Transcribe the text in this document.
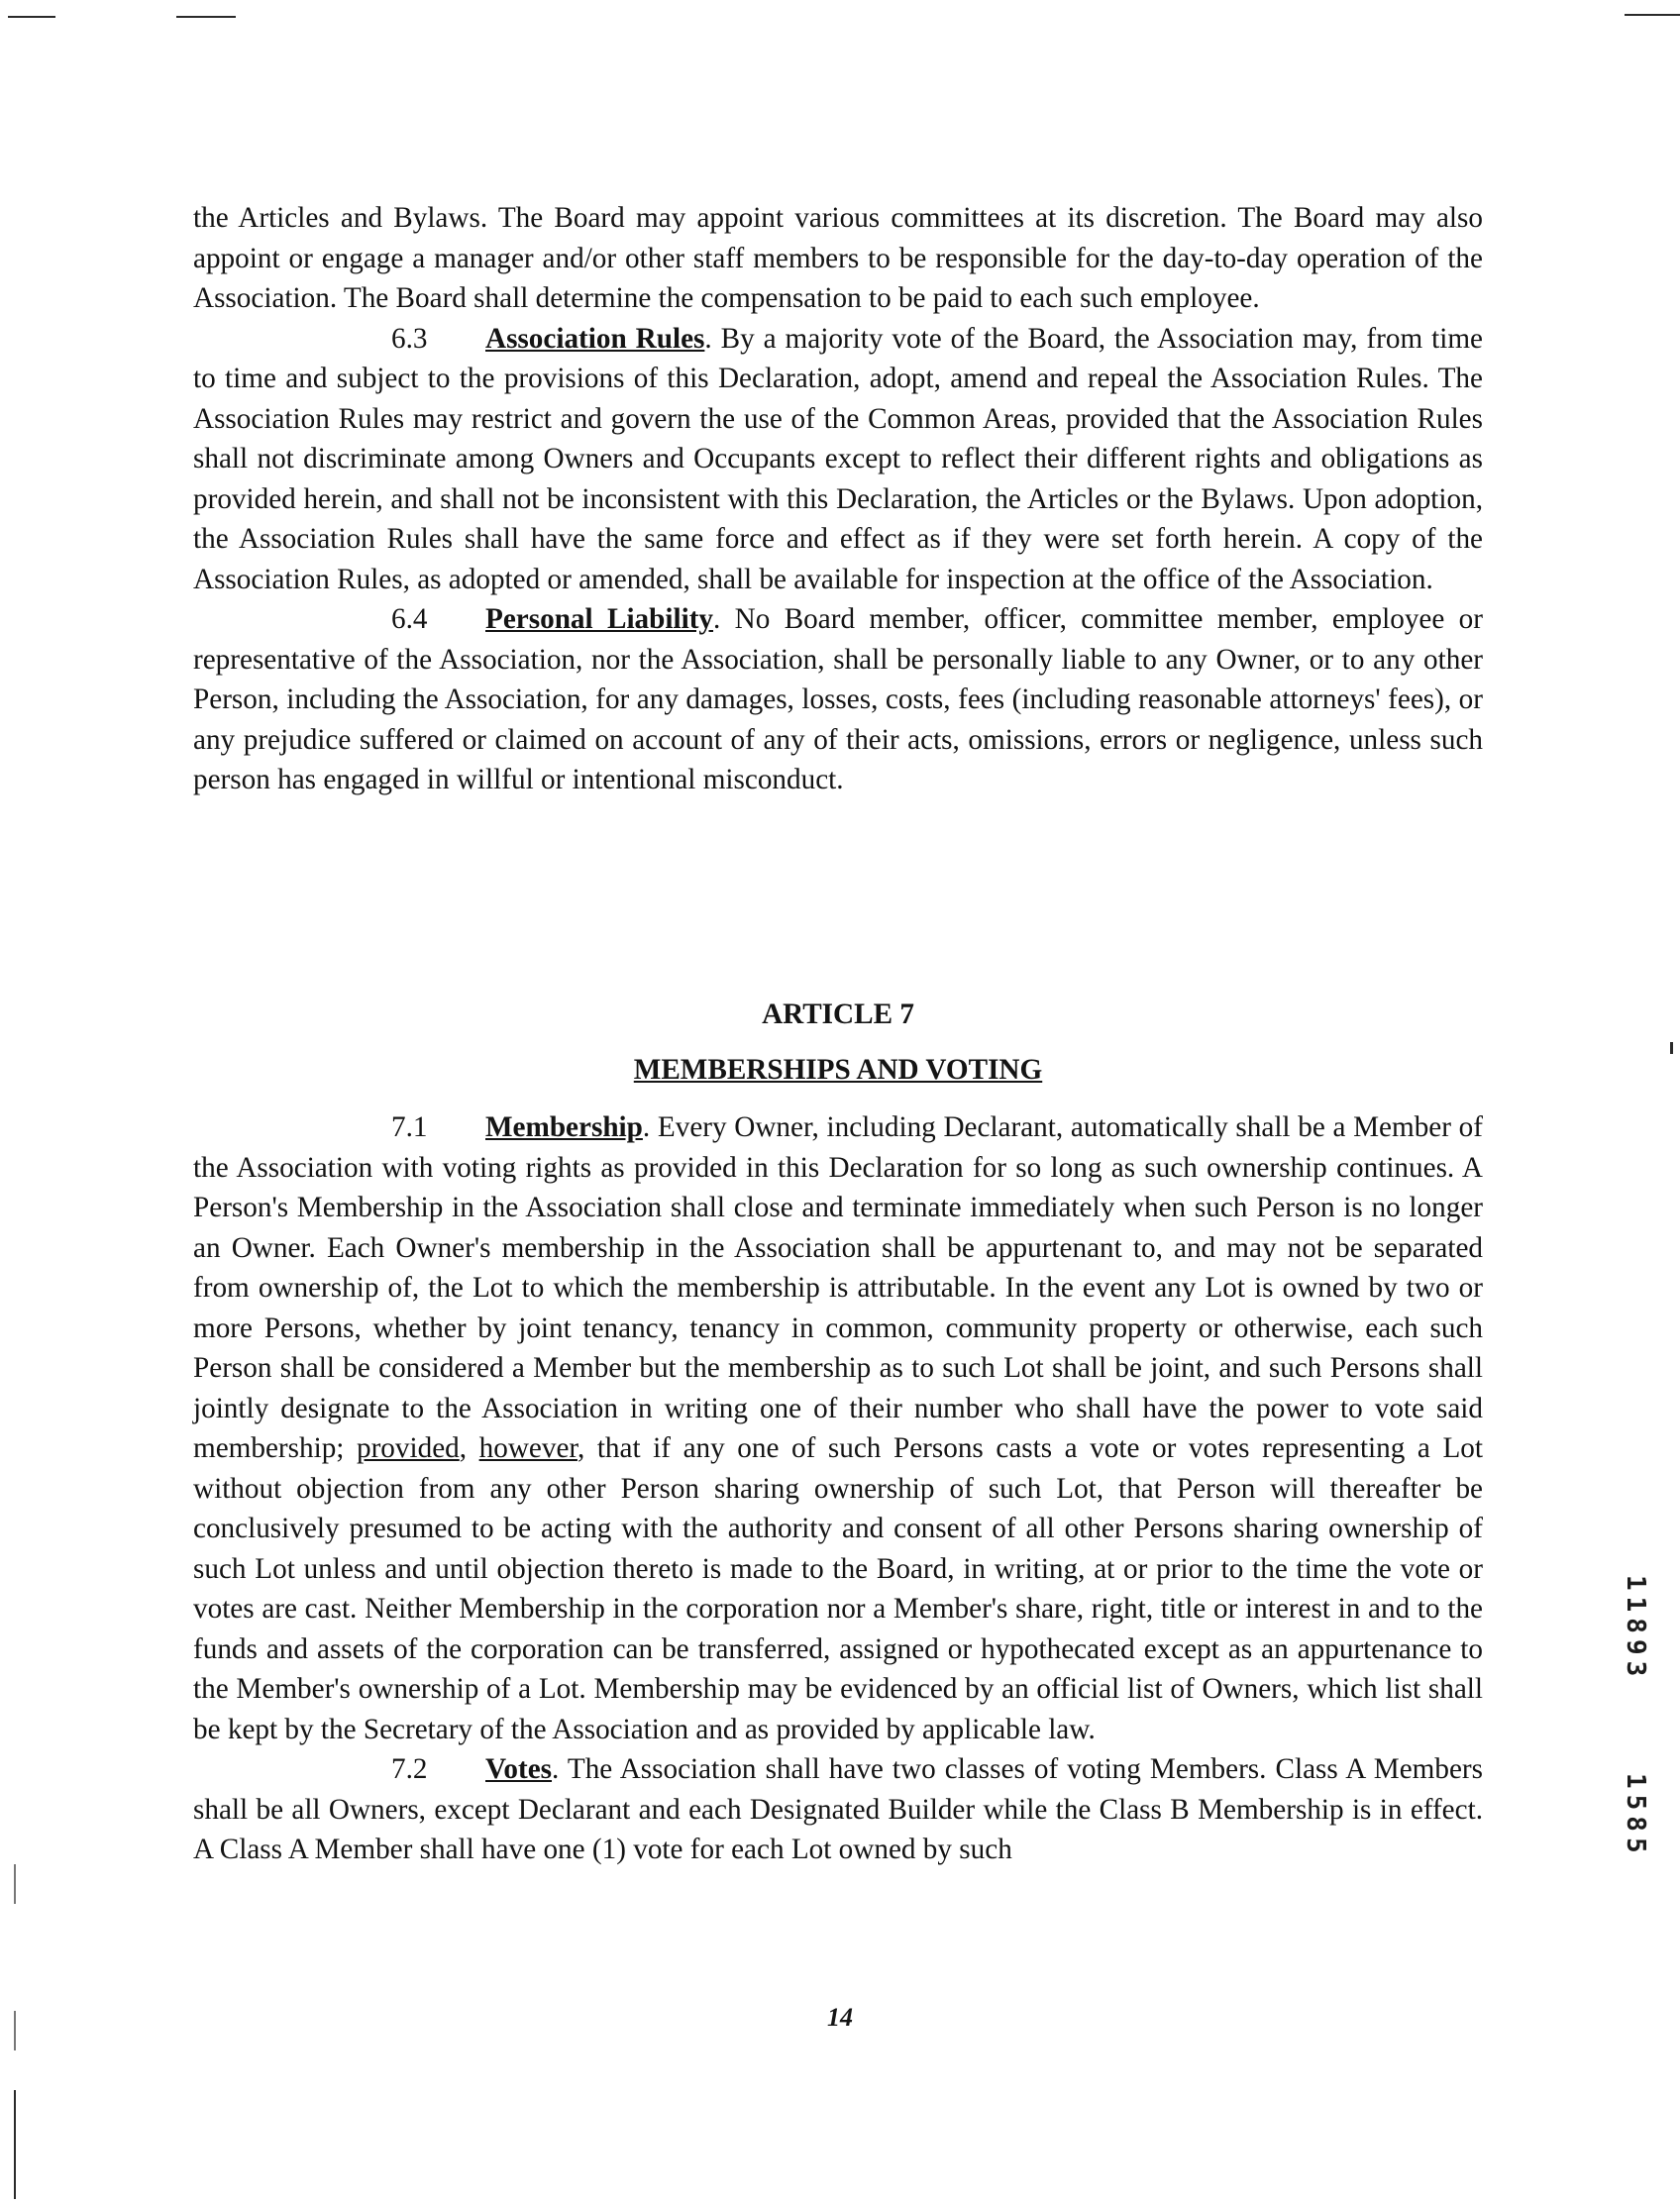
the Articles and Bylaws. The Board may appoint various committees at its discretion. The Board may also appoint or engage a manager and/or other staff members to be responsible for the day-to-day operation of the Association. The Board shall determine the compensation to be paid to each such employee.

6.3 Association Rules. By a majority vote of the Board, the Association may, from time to time and subject to the provisions of this Declaration, adopt, amend and repeal the Association Rules. The Association Rules may restrict and govern the use of the Common Areas, provided that the Association Rules shall not discriminate among Owners and Occupants except to reflect their different rights and obligations as provided herein, and shall not be inconsistent with this Declaration, the Articles or the Bylaws. Upon adoption, the Association Rules shall have the same force and effect as if they were set forth herein. A copy of the Association Rules, as adopted or amended, shall be available for inspection at the office of the Association.

6.4 Personal Liability. No Board member, officer, committee member, employee or representative of the Association, nor the Association, shall be personally liable to any Owner, or to any other Person, including the Association, for any damages, losses, costs, fees (including reasonable attorneys' fees), or any prejudice suffered or claimed on account of any of their acts, omissions, errors or negligence, unless such person has engaged in willful or intentional misconduct.

ARTICLE 7
MEMBERSHIPS AND VOTING

7.1 Membership. Every Owner, including Declarant, automatically shall be a Member of the Association with voting rights as provided in this Declaration for so long as such ownership continues. A Person's Membership in the Association shall close and terminate immediately when such Person is no longer an Owner. Each Owner's membership in the Association shall be appurtenant to, and may not be separated from ownership of, the Lot to which the membership is attributable. In the event any Lot is owned by two or more Persons, whether by joint tenancy, tenancy in common, community property or otherwise, each such Person shall be considered a Member but the membership as to such Lot shall be joint, and such Persons shall jointly designate to the Association in writing one of their number who shall have the power to vote said membership; provided, however, that if any one of such Persons casts a vote or votes representing a Lot without objection from any other Person sharing ownership of such Lot, that Person will thereafter be conclusively presumed to be acting with the authority and consent of all other Persons sharing ownership of such Lot unless and until objection thereto is made to the Board, in writing, at or prior to the time the vote or votes are cast. Neither Membership in the corporation nor a Member's share, right, title or interest in and to the funds and assets of the corporation can be transferred, assigned or hypothecated except as an appurtenance to the Member's ownership of a Lot. Membership may be evidenced by an official list of Owners, which list shall be kept by the Secretary of the Association and as provided by applicable law.

7.2 Votes. The Association shall have two classes of voting Members. Class A Members shall be all Owners, except Declarant and each Designated Builder while the Class B Membership is in effect. A Class A Member shall have one (1) vote for each Lot owned by such

14
11893
1585
